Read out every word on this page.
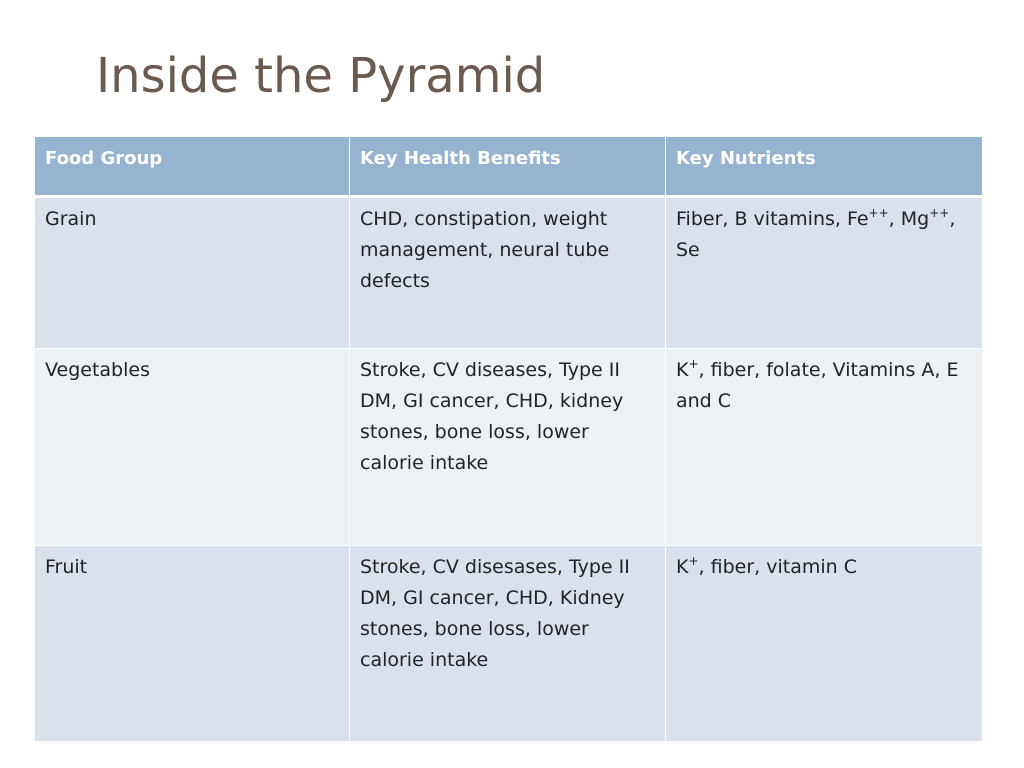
Inside the Pyramid
Food Group	Key Health Benefits	Key Nutrients
Grain	CHD, constipation, weight management, neural tube defects	Fiber, B vitamins, Fe++, Mg++, Se
Vegetables	Stroke, CV diseases, Type II DM, GI cancer, CHD, kidney stones, bone loss, lower calorie intake	K+, fiber, folate, Vitamins A, E and C
Fruit	Stroke, CV disesases, Type II DM, GI cancer, CHD, Kidney stones, bone loss, lower calorie intake	K+, fiber, vitamin C
